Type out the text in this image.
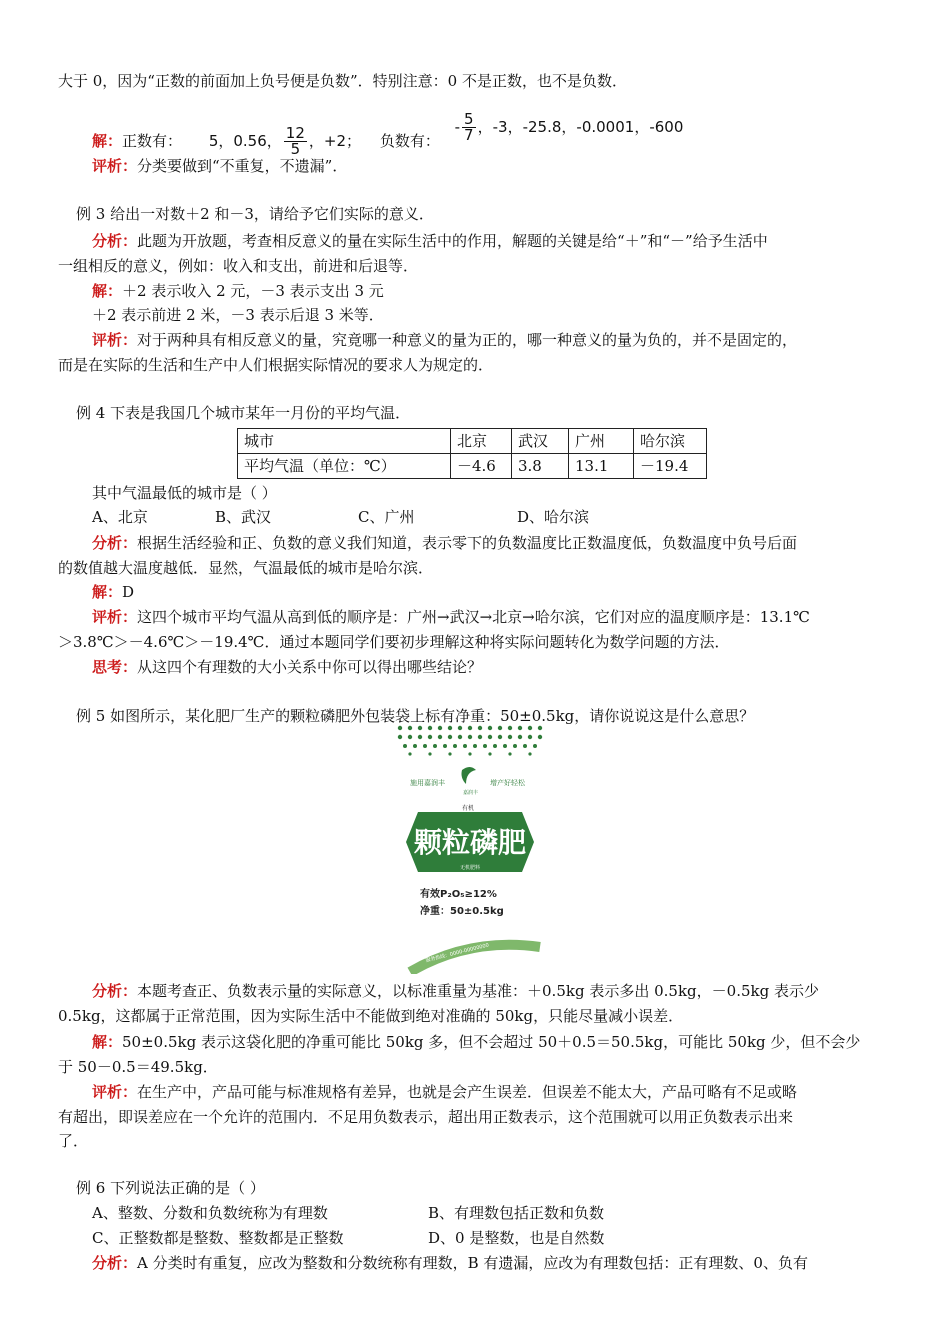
大于 0，因为“正数的前面加上负号便是负数”．特别注意：0 不是正数，也不是负数．
解：正数有： 5，0.56， $\frac{12}{5}$ ，+2； 负数有： - $\frac{5}{7}$ ，-3，-25.8，-0.0001，-600
评析：分类要做到“不重复，不遗漏”．
例 3 给出一对数＋2 和－3，请给予它们实际的意义．
分析：此题为开放题，考查相反意义的量在实际生活中的作用，解题的关键是给“＋”和“－”给予生活中
一组相反的意义，例如：收入和支出，前进和后退等．
解：＋2 表示收入 2 元，－3 表示支出 3 元
＋2 表示前进 2 米，－3 表示后退 3 米等．
评析：对于两种具有相反意义的量，究竟哪一种意义的量为正的，哪一种意义的量为负的，并不是固定的，
而是在实际的生活和生产中人们根据实际情况的要求人为规定的．
例 4 下表是我国几个城市某年一月份的平均气温．
城市	北京	武汉	广州	哈尔滨
平均气温（单位：℃）	－4.6	3.8	13.1	－19.4
其中气温最低的城市是（ ）
A、北京	B、武汉	C、广州	D、哈尔滨
分析：根据生活经验和正、负数的意义我们知道，表示零下的负数温度比正数温度低，负数温度中负号后面
的数值越大温度越低．显然，气温最低的城市是哈尔滨．
解：D
评析：这四个城市平均气温从高到低的顺序是：广州→武汉→北京→哈尔滨，它们对应的温度顺序是：13.1℃
＞3.8℃＞－4.6℃＞－19.4℃．通过本题同学们要初步理解这种将实际问题转化为数学问题的方法．
思考：从这四个有理数的大小关系中你可以得出哪些结论？
例 5 如图所示，某化肥厂生产的颗粒磷肥外包装袋上标有净重：50±0.5kg，请你说说这是什么意思？
施用嘉润丰	增产好轻松
嘉润丰
有机
颗粒磷肥
无机肥料
有效P₂O₅≥12%
净重：50±0.5kg
服务热线：0000-00000000
分析：本题考查正、负数表示量的实际意义，以标准重量为基准：＋0.5kg 表示多出 0.5kg，－0.5kg 表示少
0.5kg，这都属于正常范围，因为实际生活中不能做到绝对准确的 50kg，只能尽量减小误差．
解：50±0.5kg 表示这袋化肥的净重可能比 50kg 多，但不会超过 50＋0.5＝50.5kg，可能比 50kg 少，但不会少
于 50－0.5＝49.5kg．
评析：在生产中，产品可能与标准规格有差异，也就是会产生误差．但误差不能太大，产品可略有不足或略
有超出，即误差应在一个允许的范围内．不足用负数表示，超出用正数表示，这个范围就可以用正负数表示出来
了．
例 6 下列说法正确的是（ ）
A、整数、分数和负数统称为有理数	B、有理数包括正数和负数
C、正整数都是整数、整数都是正整数	D、0 是整数，也是自然数
分析：A 分类时有重复，应改为整数和分数统称有理数，B 有遗漏，应改为有理数包括：正有理数、0、负有
